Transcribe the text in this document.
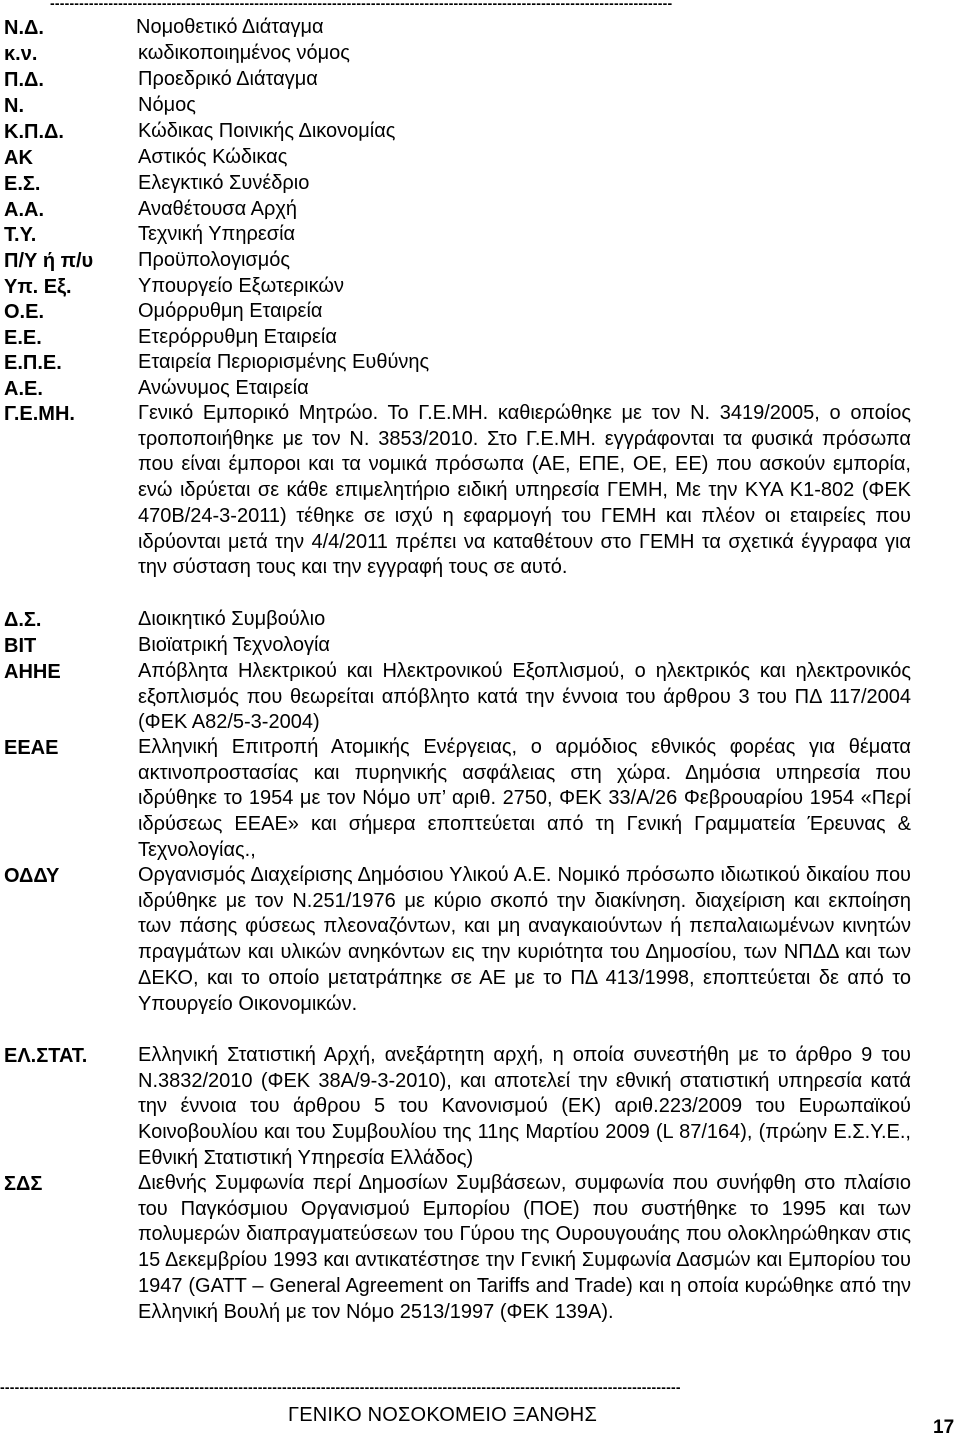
--------------------------------------------------------------------------------------------------------------------------------
Ν.Δ.
κ.ν.
Π.Δ.
Ν.
Κ.Π.Δ.
ΑΚ
Ε.Σ.
Α.Α.
Τ.Υ.
Π/Υ ή π/υ
Υπ. Εξ.
Ο.Ε.
Ε.Ε.
Ε.Π.Ε.
Α.Ε.
Γ.Ε.ΜΗ.
Δ.Σ.
ΒΙΤ
ΑΗΗΕ
ΕΕΑΕ
ΟΔΔΥ
ΕΛ.ΣΤΑΤ.
ΣΔΣ
Νομοθετικό Διάταγμα
κωδικοποιημένος νόμος
Προεδρικό Διάταγμα
Νόμος
Κώδικας Ποινικής Δικονομίας
Αστικός Κώδικας
Ελεγκτικό Συνέδριο
Αναθέτουσα Αρχή
Τεχνική Υπηρεσία
Προϋπολογισμός
Υπουργείο Εξωτερικών
Ομόρρυθμη Εταιρεία
Ετερόρρυθμη Εταιρεία
Εταιρεία Περιορισμένης Ευθύνης
Ανώνυμος Εταιρεία
Γενικό Εμπορικό Μητρώο. Το Γ.Ε.ΜΗ. καθιερώθηκε με τον Ν. 3419/2005, ο οποίος τροποποιήθηκε με τον Ν. 3853/2010. Στο Γ.Ε.ΜΗ. εγγράφονται τα φυσικά πρόσωπα που είναι έμποροι και τα νομικά πρόσωπα (ΑΕ, ΕΠΕ, ΟΕ, ΕΕ) που ασκούν εμπορία, ενώ ιδρύεται σε κάθε επιμελητήριο ειδική υπηρεσία ΓΕΜΗ, Με την ΚΥΑ Κ1-802 (ΦΕΚ 470Β/24-3-2011) τέθηκε σε ισχύ η εφαρμογή του ΓΕΜΗ και πλέον οι εταιρείες που ιδρύονται μετά την 4/4/2011 πρέπει να καταθέτουν στο ΓΕΜΗ τα σχετικά έγγραφα για την σύσταση τους και την εγγραφή τους σε αυτό.
Διοικητικό Συμβούλιο
Βιοϊατρική Τεχνολογία
Απόβλητα Ηλεκτρικού και Ηλεκτρονικού Εξοπλισμού, ο ηλεκτρικός και ηλεκτρονικός εξοπλισμός που θεωρείται απόβλητο κατά την έννοια του άρθρου 3 του ΠΔ 117/2004 (ΦΕΚ Α82/5-3-2004)
Ελληνική Επιτροπή Ατομικής Ενέργειας, ο αρμόδιος εθνικός φορέας για θέματα ακτινοπροστασίας και πυρηνικής ασφάλειας στη χώρα. Δημόσια υπηρεσία που ιδρύθηκε το 1954 με τον Νόμο υπ’ αριθ. 2750, ΦΕΚ 33/Α/26 Φεβρουαρίου 1954 «Περί ιδρύσεως ΕΕΑΕ» και σήμερα εποπτεύεται από τη Γενική Γραμματεία Έρευνας & Τεχνολογίας.,
Οργανισμός Διαχείρισης Δημόσιου Υλικού Α.Ε. Νομικό πρόσωπο ιδιωτικού δικαίου που ιδρύθηκε με τον Ν.251/1976 με κύριο σκοπό την διακίνηση. διαχείριση και εκποίηση των πάσης φύσεως πλεοναζόντων, και μη αναγκαιούντων ή πεπαλαιωμένων κινητών πραγμάτων και υλικών ανηκόντων εις την κυριότητα του Δημοσίου, των ΝΠΔΔ και των ΔΕΚΟ, και το οποίο μετατράπηκε σε ΑΕ με το ΠΔ 413/1998, εποπτεύεται δε από το Υπουργείο Οικονομικών.
Ελληνική Στατιστική Αρχή, ανεξάρτητη αρχή, η οποία συνεστήθη με το άρθρο 9 του Ν.3832/2010 (ΦΕΚ 38Α/9-3-2010), και αποτελεί την εθνική στατιστική υπηρεσία κατά την έννοια του άρθρου 5 του Κανονισμού (ΕΚ) αριθ.223/2009 του Ευρωπαϊκού Κοινοβουλίου και του Συμβουλίου της 11ης Μαρτίου 2009 (L 87/164), (πρώην Ε.Σ.Υ.Ε., Εθνική Στατιστική Υπηρεσία Ελλάδος)
Διεθνής Συμφωνία περί Δημοσίων Συμβάσεων, συμφωνία που συνήφθη στο πλαίσιο του Παγκόσμιου Οργανισμού Εμπορίου (ΠΟΕ) που συστήθηκε το 1995 και των πολυμερών διαπραγματεύσεων του Γύρου της Ουρουγουάης που ολοκληρώθηκαν στις 15 Δεκεμβρίου 1993 και αντικατέστησε την Γενική Συμφωνία Δασμών και Εμπορίου του 1947 (GATT – General Agreement on Tariffs and Trade) και η οποία κυρώθηκε από την Ελληνική Βουλή με τον Νόμο 2513/1997 (ΦΕΚ 139Α).
--------------------------------------------------------------------------------------------------------------------------------------------
ΓΕΝΙΚΟ ΝΟΣΟΚΟΜΕΙΟ ΞΑΝΘΗΣ
17
